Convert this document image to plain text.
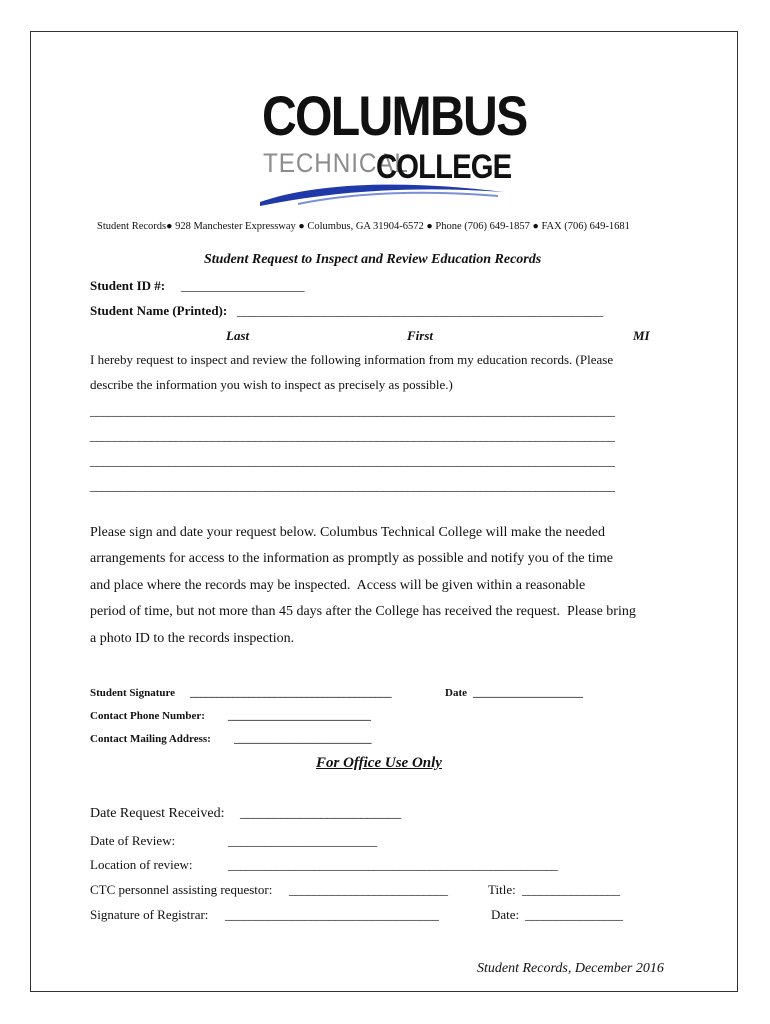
COLUMBUS
TECHNICAL
COLLEGE
Student Records● 928 Manchester Expressway ● Columbus, GA 31904-6572 ● Phone (706) 649-1857 ● FAX (706) 649-1681
Student Request to Inspect and Review Education Records
Student ID #: ___________________
Student Name (Printed): ___________________________________________________________
Last	First	MI
I hereby request to inspect and review the following information from my education records. (Please
describe the information you wish to inspect as precisely as possible.)
______________________________________________________________________________________
______________________________________________________________________________________
______________________________________________________________________________________
______________________________________________________________________________________
Please sign and date your request below. Columbus Technical College will make the needed
arrangements for access to the information as promptly as possible and notify you of the time
and place where the records may be inspected.  Access will be given within a reasonable
period of time, but not more than 45 days after the College has received the request.  Please bring
a photo ID to the records inspection.
Student Signature ______________________________________	Date ____________________
Contact Phone Number: __________________________
Contact Mailing Address: _________________________
For Office Use Only
Date Request Received: ________________________
Date of Review:	________________________
Location of review:	______________________________________________________
CTC personnel assisting requestor: __________________________	Title: ________________
Signature of Registrar: ___________________________________	Date: ________________
Student Records, December 2016
